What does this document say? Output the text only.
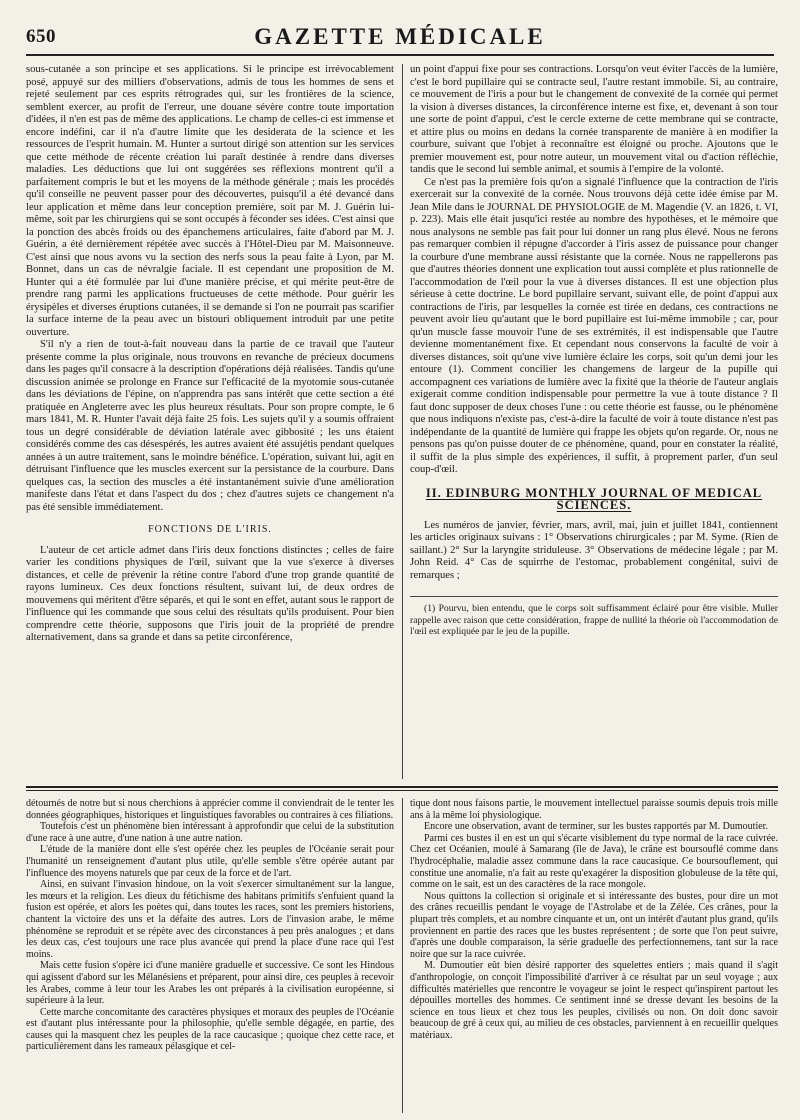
650	GAZETTE MÉDICALE

sous-cutanée a son principe et ses applications. Si le principe est irrévocablement posé, appuyé sur des milliers d'observations, admis de tous les hommes de sens et rejeté seulement par ces esprits rétrogrades qui, sur les frontières de la science, semblent exercer, au profit de l'erreur, une douane sévère contre toute importation d'idées, il n'en est pas de même des applications. Le champ de celles-ci est immense et encore indéfini, car il n'a d'autre limite que les desiderata de la science et les ressources de l'esprit humain. M. Hunter a surtout dirigé son attention sur les services que cette méthode de récente création lui paraît destinée à rendre dans diverses maladies. Les déductions que lui ont suggérées ses réflexions montrent qu'il a parfaitement compris le but et les moyens de la méthode générale ; mais les procédés qu'il conseille ne peuvent passer pour des découvertes, puisqu'il a été devancé dans leur application et même dans leur conception première, soit par M. J. Guérin lui-même, soit par les chirurgiens qui se sont occupés à féconder ses idées. C'est ainsi que la ponction des abcès froids ou des épanchemens articulaires, faite d'abord par M. J. Guérin, a été dernièrement répétée avec succès à l'Hôtel-Dieu par M. Maisonneuve. C'est ainsi que nous avons vu la section des nerfs sous la peau faite à Lyon, par M. Bonnet, dans un cas de névralgie faciale. Il est cependant une proposition de M. Hunter qui a été formulée par lui d'une manière précise, et qui mérite peut-être de prendre rang parmi les applications fructueuses de cette méthode. Pour guérir les érysipèles et diverses éruptions cutanées, il se demande si l'on ne pourrait pas scarifier la surface interne de la peau avec un bistouri obliquement introduit par une petite ouverture.

S'il n'y a rien de tout-à-fait nouveau dans la partie de ce travail que l'auteur présente comme la plus originale, nous trouvons en revanche de précieux documens dans les pages qu'il consacre à la description d'opérations déjà réalisées. Tandis qu'une discussion animée se prolonge en France sur l'efficacité de la myotomie sous-cutanée dans les déviations de l'épine, on n'apprendra pas sans intérêt que cette section a été pratiquée en Angleterre avec les plus heureux résultats. Pour son propre compte, le 6 mars 1841, M. R. Hunter l'avait déjà faite 25 fois. Les sujets qu'il y a soumis offraient tous un degré considérable de déviation latérale avec gibbosité ; les uns étaient considérés comme des cas désespérés, les autres avaient été assujétis pendant quelques années à un autre traitement, sans le moindre bénéfice. L'opération, suivant lui, agit en détruisant l'influence que les muscles exercent sur la persistance de la courbure. Dans quelques cas, la section des muscles a été instantanément suivie d'une amélioration manifeste dans l'état et dans l'aspect du dos ; chez d'autres sujets ce changement n'a pas été sensible immédiatement.

FONCTIONS DE L'IRIS.

L'auteur de cet article admet dans l'iris deux fonctions distinctes ; celles de faire varier les conditions physiques de l'œil, suivant que la vue s'exerce à diverses distances, et celle de prévenir la rétine contre l'abord d'une trop grande quantité de rayons lumineux. Ces deux fonctions résultent, suivant lui, de deux ordres de mouvemens qui méritent d'être séparés, et qui le sont en effet, autant sous le rapport de l'influence qui les commande que sous celui des résultats qu'ils produisent. Pour bien comprendre cette théorie, supposons que l'iris jouit de la propriété de prendre alternativement, dans sa grande et dans sa petite circonférence,

un point d'appui fixe pour ses contractions. Lorsqu'on veut éviter l'accès de la lumière, c'est le bord pupillaire qui se contracte seul, l'autre restant immobile. Si, au contraire, ce mouvement de l'iris a pour but le changement de convexité de la cornée qui permet la vision à diverses distances, la circonférence interne est fixe, et, devenant à son tour une sorte de point d'appui, c'est le cercle externe de cette membrane qui se contracte, et attire plus ou moins en dedans la cornée transparente de manière à en modifier la courbure, suivant que l'objet à reconnaître est éloigné ou proche. Ajoutons que le premier mouvement est, pour notre auteur, un mouvement vital ou d'action réfléchie, tandis que le second lui semble animal, et soumis à l'empire de la volonté.

Ce n'est pas la première fois qu'on a signalé l'influence que la contraction de l'iris exercerait sur la convexité de la cornée. Nous trouvons déjà cette idée émise par M. Jean Mile dans le JOURNAL DE PHYSIOLOGIE de M. Magendie (V. an 1826, t. VI, p. 223). Mais elle était jusqu'ici restée au nombre des hypothèses, et le mémoire que nous analysons ne semble pas fait pour lui donner un rang plus élevé. Nous ne ferons pas remarquer combien il répugne d'accorder à l'iris assez de puissance pour changer la courbure d'une membrane aussi résistante que la cornée. Nous ne rappellerons pas que d'autres théories donnent une explication tout aussi complète et plus rationnelle de l'accommodation de l'œil pour la vue à diverses distances. Il est une objection plus sérieuse à cette doctrine. Le bord pupillaire servant, suivant elle, de point d'appui aux contractions de l'iris, par lesquelles la cornée est tirée en dedans, ces contractions ne peuvent avoir lieu qu'autant que le bord pupillaire est lui-même immobile ; car, pour qu'un muscle fasse mouvoir l'une de ses extrémités, il est indispensable que l'autre devienne momentanément fixe. Et cependant nous conservons la faculté de voir à diverses distances, soit qu'une vive lumière éclaire les corps, soit qu'un demi jour les entoure (1). Comment concilier les changemens de largeur de la pupille qui accompagnent ces variations de lumière avec la fixité que la théorie de l'auteur anglais exigerait comme condition indispensable pour permettre la vue à toute distance ? Il faut donc supposer de deux choses l'une : ou cette théorie est fausse, ou le phénomène que nous indiquons n'existe pas, c'est-à-dire la faculté de voir à toute distance n'est pas indépendante de la quantité de lumière qui frappe les objets qu'on regarde. Or, nous ne pensons pas qu'on puisse douter de ce phénomène, quand, pour en constater la réalité, il suffit de la plus simple des expériences, il suffit, à proprement parler, d'un seul coup-d'œil.

II. EDINBURG MONTHLY JOURNAL OF MEDICAL SCIENCES.

Les numéros de janvier, février, mars, avril, mai, juin et juillet 1841, contiennent les articles originaux suivans : 1° Observations chirurgicales ; par M. Syme. (Rien de saillant.) 2° Sur la laryngite striduleuse. 3° Observations de médecine légale ; par M. John Reid. 4° Cas de squirrhe de l'estomac, probablement congénital, suivi de remarques ;

(1) Pourvu, bien entendu, que le corps soit suffisamment éclairé pour être visible. Muller rappelle avec raison que cette considération, frappe de nullité la théorie où l'accommodation de l'œil est expliquée par le jeu de la pupille.

détournés de notre but si nous cherchions à apprécier comme il conviendrait de le tenter les données géographiques, historiques et linguistiques favorables ou contraires à ces filiations.

Toutefois c'est un phénomène bien intéressant à approfondir que celui de la substitution d'une race à une autre, d'une nation à une autre nation.

L'étude de la manière dont elle s'est opérée chez les peuples de l'Océanie serait pour l'humanité un renseignement d'autant plus utile, qu'elle semble s'être opérée autant par l'influence des moyens naturels que par ceux de la force et de l'art.

Ainsi, en suivant l'invasion hindoue, on la voit s'exercer simultanément sur la langue, les mœurs et la religion. Les dieux du fétichisme des habitans primitifs s'enfuient quand la fusion est opérée, et alors les poètes qui, dans toutes les races, sont les premiers historiens, chantent la victoire des uns et la défaite des autres. Lors de l'invasion arabe, le même phénomène se reproduit et se répète avec des circonstances à peu près analogues ; et dans les deux cas, c'est toujours une race plus avancée qui prend la place d'une race qui l'est moins.

Mais cette fusion s'opère ici d'une manière graduelle et successive. Ce sont les Hindous qui agissent d'abord sur les Mélanésiens et préparent, pour ainsi dire, ces peuples à recevoir les Arabes, comme à leur tour les Arabes les ont préparés à la civilisation européenne, si supérieure à la leur.

Cette marche concomitante des caractères physiques et moraux des peuples de l'Océanie est d'autant plus intéressante pour la philosophie, qu'elle semble dégagée, en partie, des causes qui la masquent chez les peuples de la race caucasique ; quoique chez cette race, et particulièrement dans les rameaux pélasgique et cel-

tique dont nous faisons partie, le mouvement intellectuel paraisse soumis depuis trois mille ans à la même loi physiologique.

Encore une observation, avant de terminer, sur les bustes rapportés par M. Dumoutier.

Parmi ces bustes il en est un qui s'écarte visiblement du type normal de la race cuivrée. Chez cet Océanien, moulé à Samarang (île de Java), le crâne est boursouflé comme dans l'hydrocéphalie, maladie assez commune dans la race caucasique. Ce boursouflement, qui constitue une anomalie, n'a fait au reste qu'exagérer la disposition globuleuse de la tête qui, comme on le sait, est un des caractères de la race mongole.

Nous quittons la collection si originale et si intéressante des bustes, pour dire un mot des crânes recueillis pendant le voyage de l'Astrolabe et de la Zélée. Ces crânes, pour la plupart très complets, et au nombre cinquante et un, ont un intérêt d'autant plus grand, qu'ils proviennent en partie des races que les bustes représentent ; de sorte que l'on peut suivre, d'après une double comparaison, la série graduelle des perfectionnemens, tant sur la race noire que sur la race cuivrée.

M. Dumoutier eût bien désiré rapporter des squelettes entiers ; mais quand il s'agit d'anthropologie, on conçoit l'impossibilité d'arriver à ce résultat par un seul voyage ; aux difficultés matérielles que rencontre le voyageur se joint le respect qu'inspirent partout les dépouilles mortelles des hommes. Ce sentiment inné se dresse devant les besoins de la science en tous lieux et chez tous les peuples, civilisés ou non. On doit donc savoir beaucoup de gré à ceux qui, au milieu de ces obstacles, parviennent à en recueillir quelques matériaux.
